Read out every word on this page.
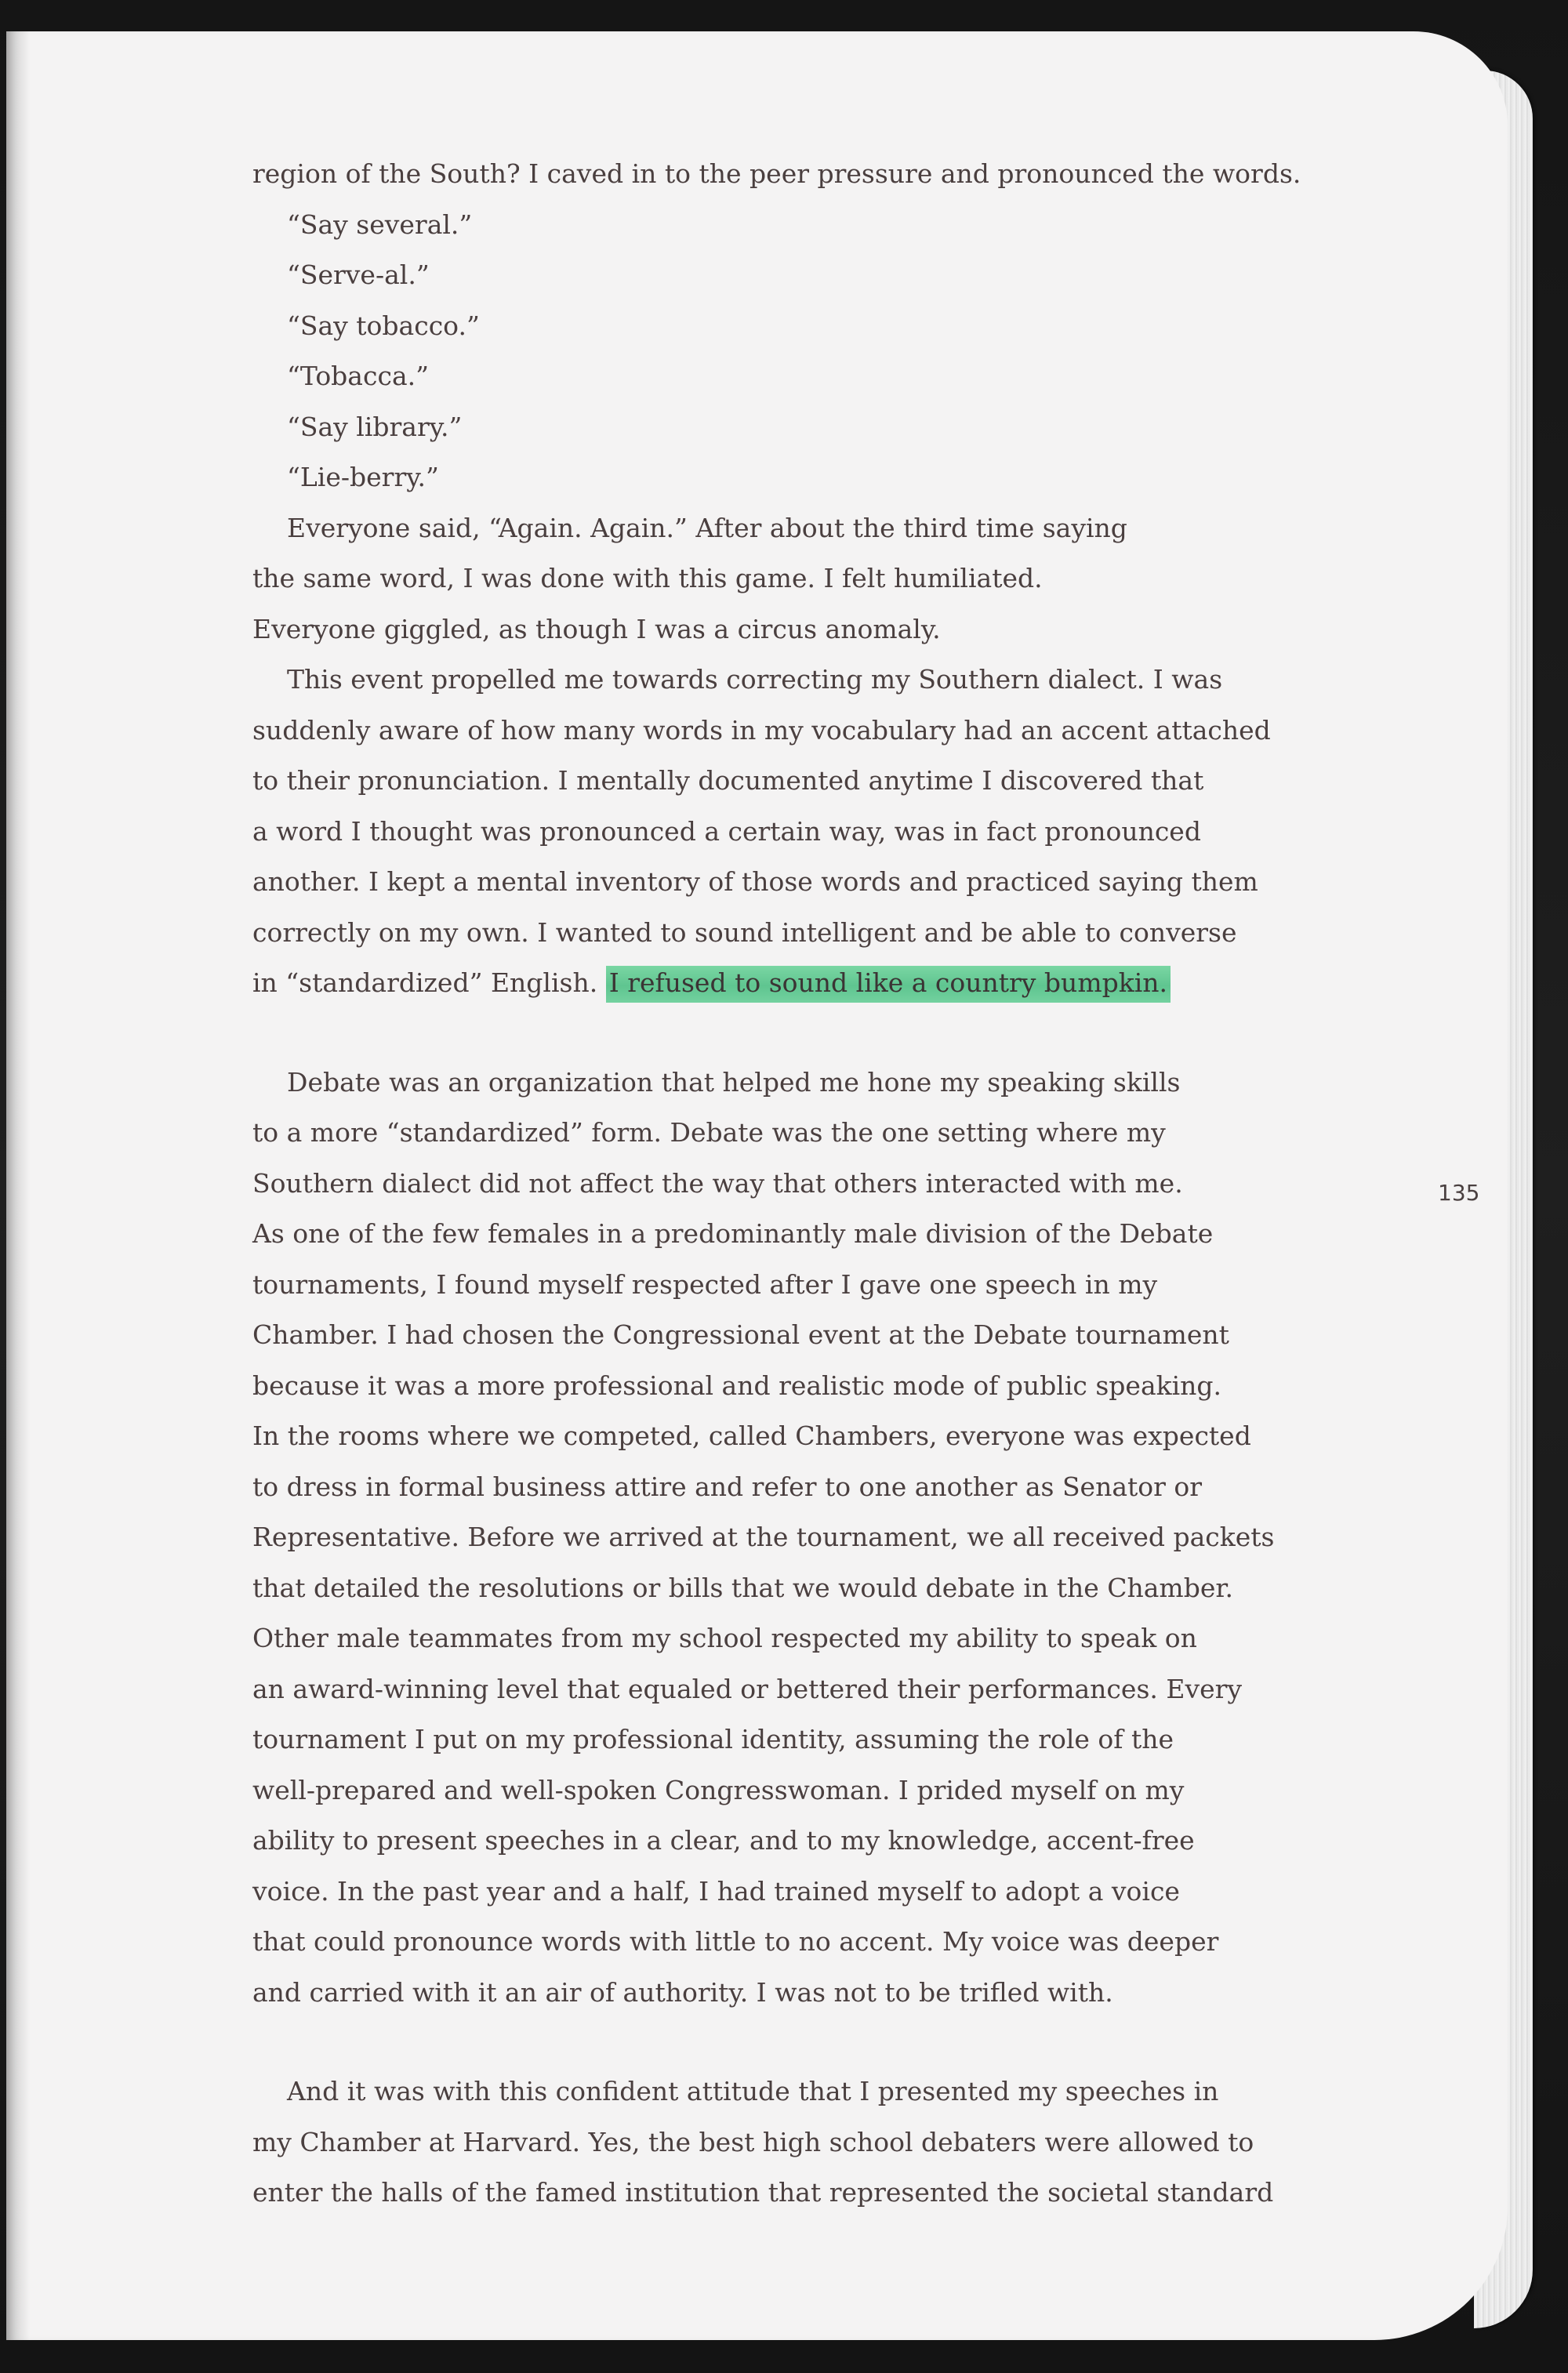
region of the South? I caved in to the peer pressure and pronounced the words.
“Say several.”
“Serve-al.”
“Say tobacco.”
“Tobacca.”
“Say library.”
“Lie-berry.”
Everyone said, “Again. Again.” After about the third time saying
the same word, I was done with this game. I felt humiliated.
Everyone giggled, as though I was a circus anomaly.
This event propelled me towards correcting my Southern dialect. I was
suddenly aware of how many words in my vocabulary had an accent attached
to their pronunciation. I mentally documented anytime I discovered that
a word I thought was pronounced a certain way, was in fact pronounced
another. I kept a mental inventory of those words and practiced saying them
correctly on my own. I wanted to sound intelligent and be able to converse
in “standardized” English. I refused to sound like a country bumpkin.
Debate was an organization that helped me hone my speaking skills
to a more “standardized” form. Debate was the one setting where my
Southern dialect did not affect the way that others interacted with me.
As one of the few females in a predominantly male division of the Debate
tournaments, I found myself respected after I gave one speech in my
Chamber. I had chosen the Congressional event at the Debate tournament
because it was a more professional and realistic mode of public speaking.
In the rooms where we competed, called Chambers, everyone was expected
to dress in formal business attire and refer to one another as Senator or
Representative. Before we arrived at the tournament, we all received packets
that detailed the resolutions or bills that we would debate in the Chamber.
Other male teammates from my school respected my ability to speak on
an award-winning level that equaled or bettered their performances. Every
tournament I put on my professional identity, assuming the role of the
well-prepared and well-spoken Congresswoman. I prided myself on my
ability to present speeches in a clear, and to my knowledge, accent-free
voice. In the past year and a half, I had trained myself to adopt a voice
that could pronounce words with little to no accent. My voice was deeper
and carried with it an air of authority. I was not to be trifled with.
And it was with this confident attitude that I presented my speeches in
my Chamber at Harvard. Yes, the best high school debaters were allowed to
enter the halls of the famed institution that represented the societal standard
135
